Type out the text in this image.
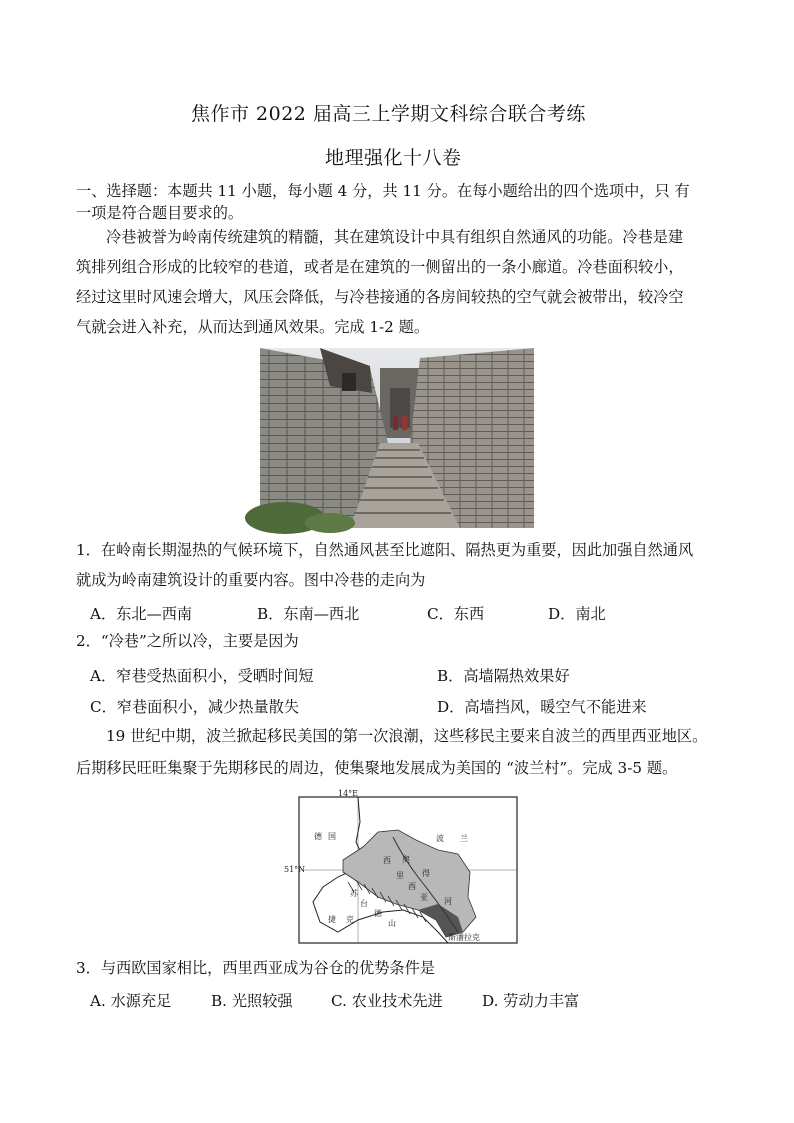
焦作市 2022 届高三上学期文科综合联合考练
地理强化十八卷
一、选择题：本题共 11 小题，每小题 4 分，共 11 分。在每小题给出的四个选项中，只 有
一项是符合题目要求的。
冷巷被誉为岭南传统建筑的精髓，其在建筑设计中具有组织自然通风的功能。冷巷是建
筑排列组合形成的比较窄的巷道，或者是在建筑的一侧留出的一条小廊道。冷巷面积较小，
经过这里时风速会增大，风压会降低，与冷巷接通的各房间较热的空气就会被带出，较冷空
气就会进入补充，从而达到通风效果。完成 1-2 题。
1．在岭南长期湿热的气候环境下，自然通风甚至比遮阳、隔热更为重要，因此加强自然通风
就成为岭南建筑设计的重要内容。图中冷巷的走向为
A．东北—西南	B．东南—西北	C．东西	D．南北
2．“冷巷”之所以冷，主要是因为
A．窄巷受热面积小，受晒时间短	B．高墙隔热效果好
C．窄巷面积小，减少热量散失	D．高墙挡风，暖空气不能进来
19 世纪中期，波兰掀起移民美国的第一次浪潮，这些移民主要来自波兰的西里西亚地区。
后期移民旺旺集聚于先期移民的周边，使集聚地发展成为美国的 “波兰村”。完成 3-5 题。
14°E
51°N
德 国	波 兰
捷 克
西
里
西
亚
奥
得
河
苏
台
德
山
斯潘拉克
3．与西欧国家相比，西里西亚成为谷仓的优势条件是
A. 水源充足	B. 光照较强	C. 农业技术先进	D. 劳动力丰富
